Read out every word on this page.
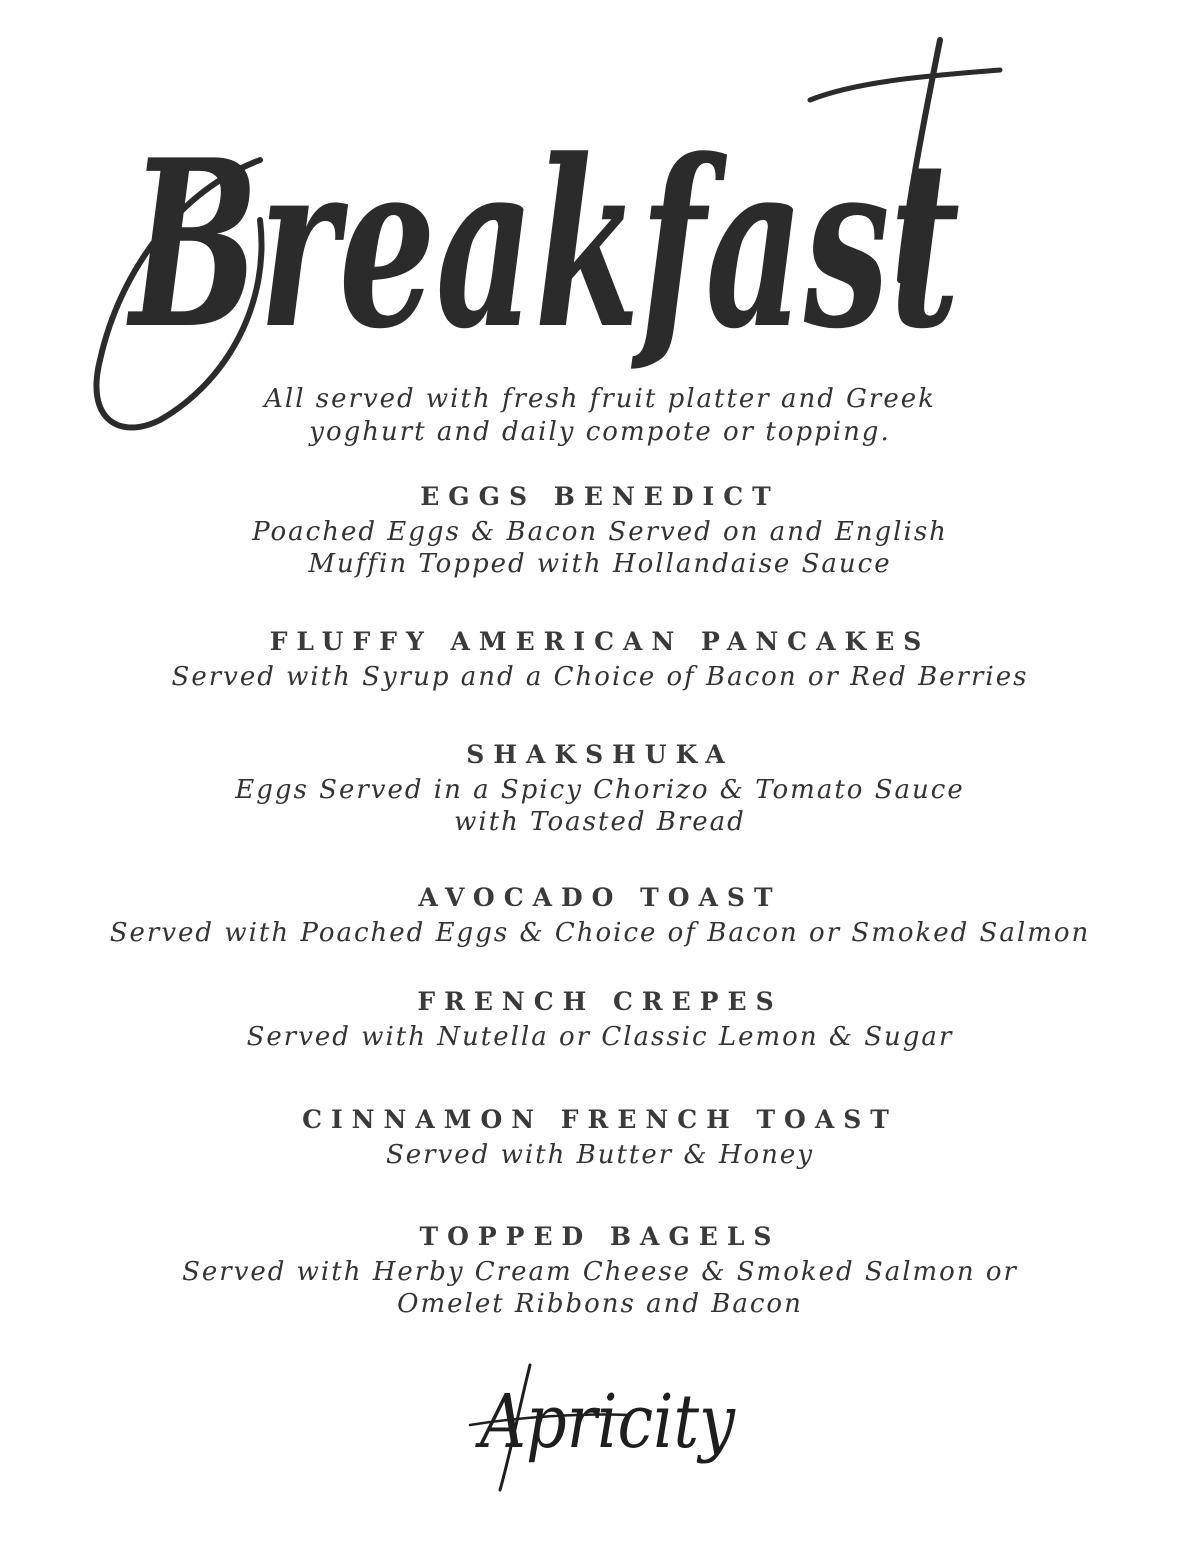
Breakfast

All served with fresh fruit platter and Greek
yoghurt and daily compote or topping.

EGGS BENEDICT

Poached Eggs & Bacon Served on and English
Muffin Topped with Hollandaise Sauce

FLUFFY AMERICAN PANCAKES

Served with Syrup and a Choice of Bacon or Red Berries

SHAKSHUKA

Eggs Served in a Spicy Chorizo & Tomato Sauce
with Toasted Bread

AVOCADO TOAST

Served with Poached Eggs & Choice of Bacon or Smoked Salmon

FRENCH CREPES

Served with Nutella or Classic Lemon & Sugar

CINNAMON FRENCH TOAST

Served with Butter & Honey

TOPPED BAGELS

Served with Herby Cream Cheese & Smoked Salmon or
Omelet Ribbons and Bacon

Apricity
